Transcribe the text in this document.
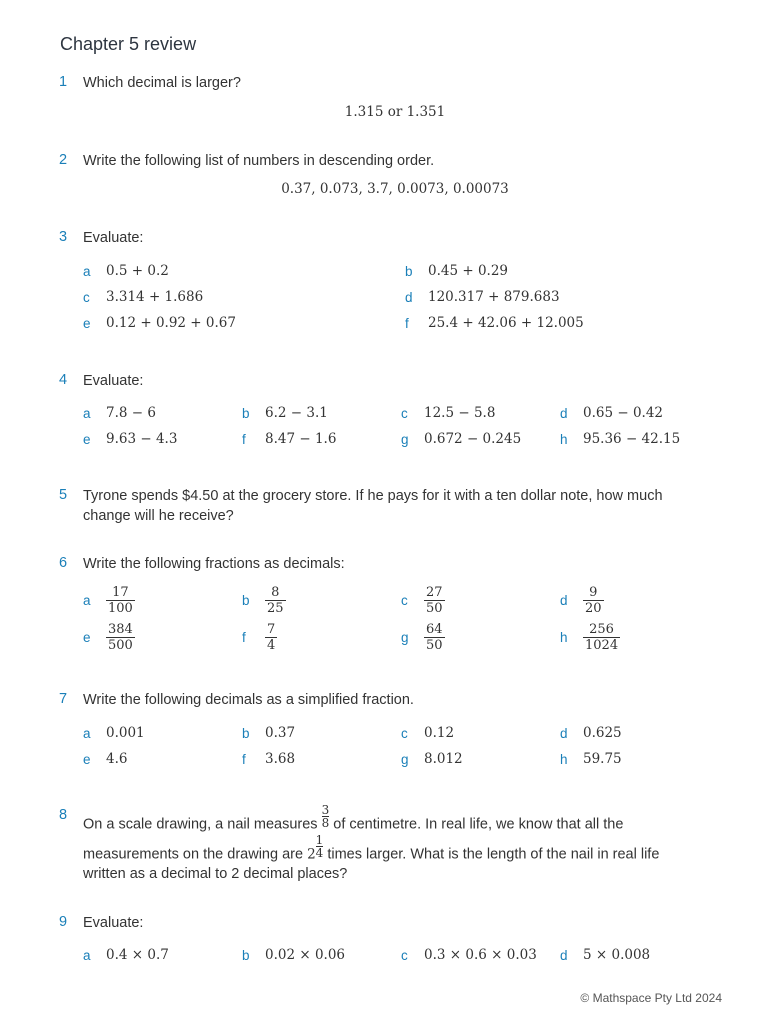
Chapter 5 review
1 Which decimal is larger?
1.315 or 1.351
2 Write the following list of numbers in descending order.
0.37, 0.073, 3.7, 0.0073, 0.00073
3 Evaluate:
a	0.5 + 0.2	b	0.45 + 0.29
c	3.314 + 1.686	d	120.317 + 879.683
e	0.12 + 0.92 + 0.67	f	25.4 + 42.06 + 12.005
4 Evaluate:
a	7.8 − 6	b	6.2 − 3.1	c	12.5 − 5.8	d	0.65 − 0.42
e	9.63 − 4.3	f	8.47 − 1.6	g	0.672 − 0.245	h	95.36 − 42.15
5 Tyrone spends $4.50 at the grocery store. If he pays for it with a ten dollar note, how much
change will he receive?
6 Write the following fractions as decimals:
a	$\frac{17}{100}$	b	$\frac{8}{25}$	c	$\frac{27}{50}$	d	$\frac{9}{20}$
e	$\frac{384}{500}$	f	$\frac{7}{4}$	g	$\frac{64}{50}$	h	$\frac{256}{1024}$
7 Write the following decimals as a simplified fraction.
a	0.001	b	0.37	c	0.12	d	0.625
e	4.6	f	3.68	g	8.012	h	59.75
8
On a scale drawing, a nail measures $\frac{3}{8}$ of centimetre. In real life, we know that all the
measurements on the drawing are $2 \frac{1}{4}$ times larger. What is the length of the nail in real life
written as a decimal to 2 decimal places?
9 Evaluate:
a	0.4 × 0.7	b	0.02 × 0.06	c	0.3 × 0.6 × 0.03 d	5 × 0.008
© Mathspace Pty Ltd 2024
